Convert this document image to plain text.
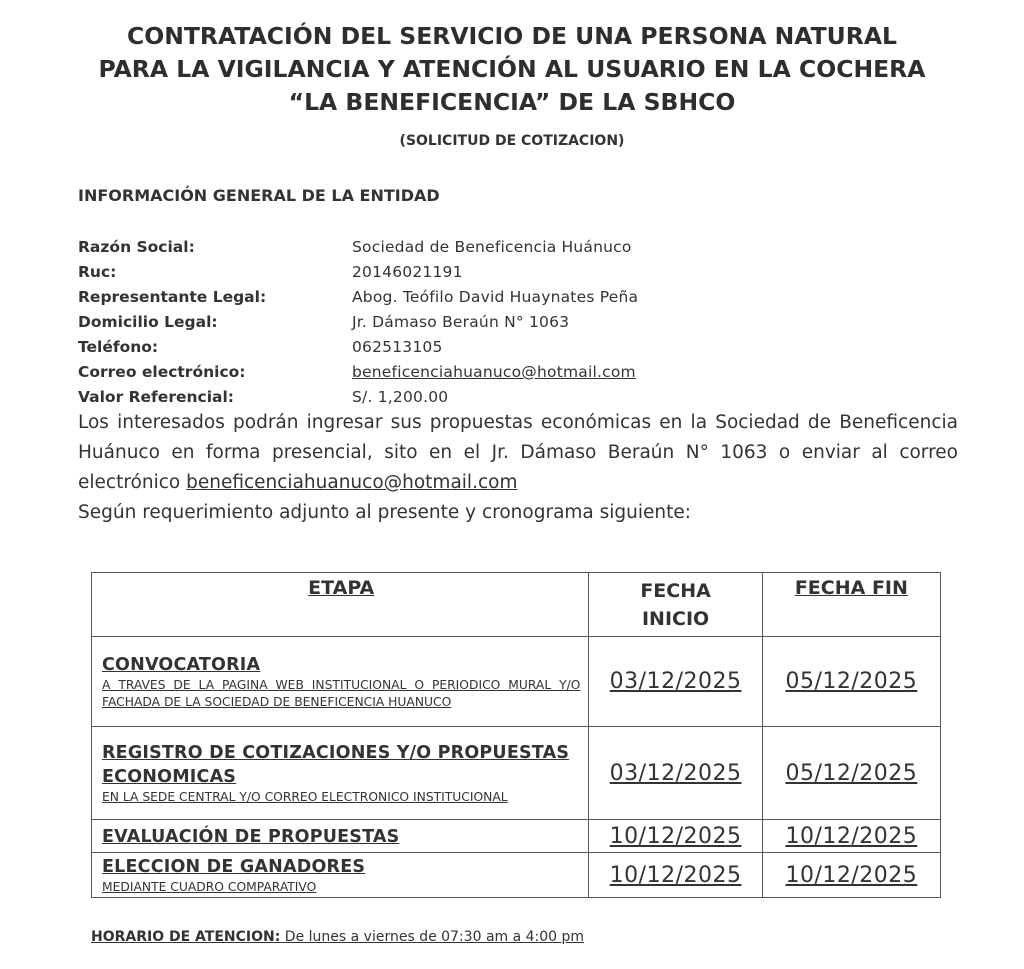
CONTRATACIÓN DEL SERVICIO DE UNA PERSONA NATURAL
PARA LA VIGILANCIA Y ATENCIÓN AL USUARIO EN LA COCHERA
“LA BENEFICENCIA” DE LA SBHCO
(SOLICITUD DE COTIZACION)
INFORMACIÓN GENERAL DE LA ENTIDAD
Razón Social:	Sociedad de Beneficencia Huánuco
Ruc:	20146021191
Representante Legal:	Abog. Teófilo David Huaynates Peña
Domicilio Legal:	Jr. Dámaso Beraún N° 1063
Teléfono:	062513105
Correo electrónico:	beneficenciahuanuco@hotmail.com
Valor Referencial:	S/. 1,200.00

Los interesados podrán ingresar sus propuestas económicas en la Sociedad de Beneficencia Huánuco en forma presencial, sito en el Jr. Dámaso Beraún N° 1063 o enviar al correo electrónico beneficenciahuanuco@hotmail.com

Según requerimiento adjunto al presente y cronograma siguiente:

ETAPA	FECHA INICIO	FECHA FIN

CONVOCATORIA
A TRAVES DE LA PAGINA WEB INSTITUCIONAL O PERIODICO MURAL Y/O FACHADA DE LA SOCIEDAD DE BENEFICENCIA HUANUCO	03/12/2025	05/12/2025

REGISTRO DE COTIZACIONES Y/O PROPUESTAS ECONOMICAS
EN LA SEDE CENTRAL Y/O CORREO ELECTRONICO INSTITUCIONAL	03/12/2025	05/12/2025

EVALUACIÓN DE PROPUESTAS	10/12/2025	10/12/2025

ELECCION DE GANADORES
MEDIANTE CUADRO COMPARATIVO	10/12/2025	10/12/2025
HORARIO DE ATENCION: De lunes a viernes de 07:30 am a 4:00 pm
